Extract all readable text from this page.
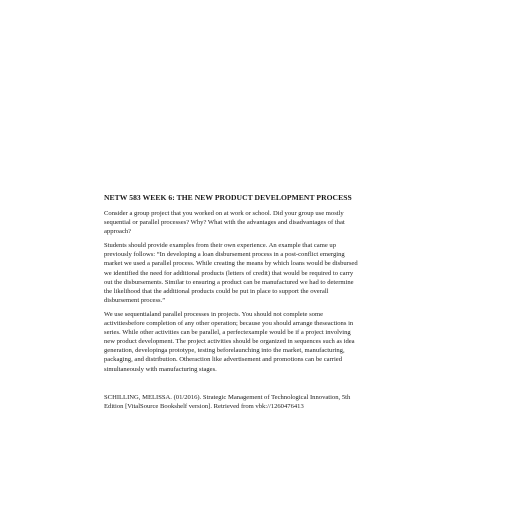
NETW 583 WEEK 6: THE NEW PRODUCT DEVELOPMENT PROCESS
Consider a group project that you worked on at work or school. Did your group use mostly
sequential or parallel processes? Why? What with the advantages and disadvantages of that
approach?
Students should provide examples from their own experience. An example that came up
previously follows: “In developing a loan disbursement process in a post-conflict emerging
market we used a parallel process. While creating the means by which loans would be disbursed
we identified the need for additional products (letters of credit) that would be required to carry
out the disbursements. Similar to ensuring a product can be manufactured we had to determine
the likelihood that the additional products could be put in place to support the overall
disbursement process.”
We use sequentialand parallel processes in projects. You should not complete some
activitiesbefore completion of any other operation; because you should arrange theseactions in
series. While other activities can be parallel, a perfectexample would be if a project involving
new product development. The project activities should be organized in sequences such as idea
generation, developinga prototype, testing beforelaunching into the market, manufacturing,
packaging, and distribution. Otheraction like advertisement and promotions can be carried
simultaneously with manufacturing stages.
SCHILLING, MELISSA. (01/2016). Strategic Management of Technological Innovation, 5th
Edition [VitalSource Bookshelf version]. Retrieved from vbk://1260476413
